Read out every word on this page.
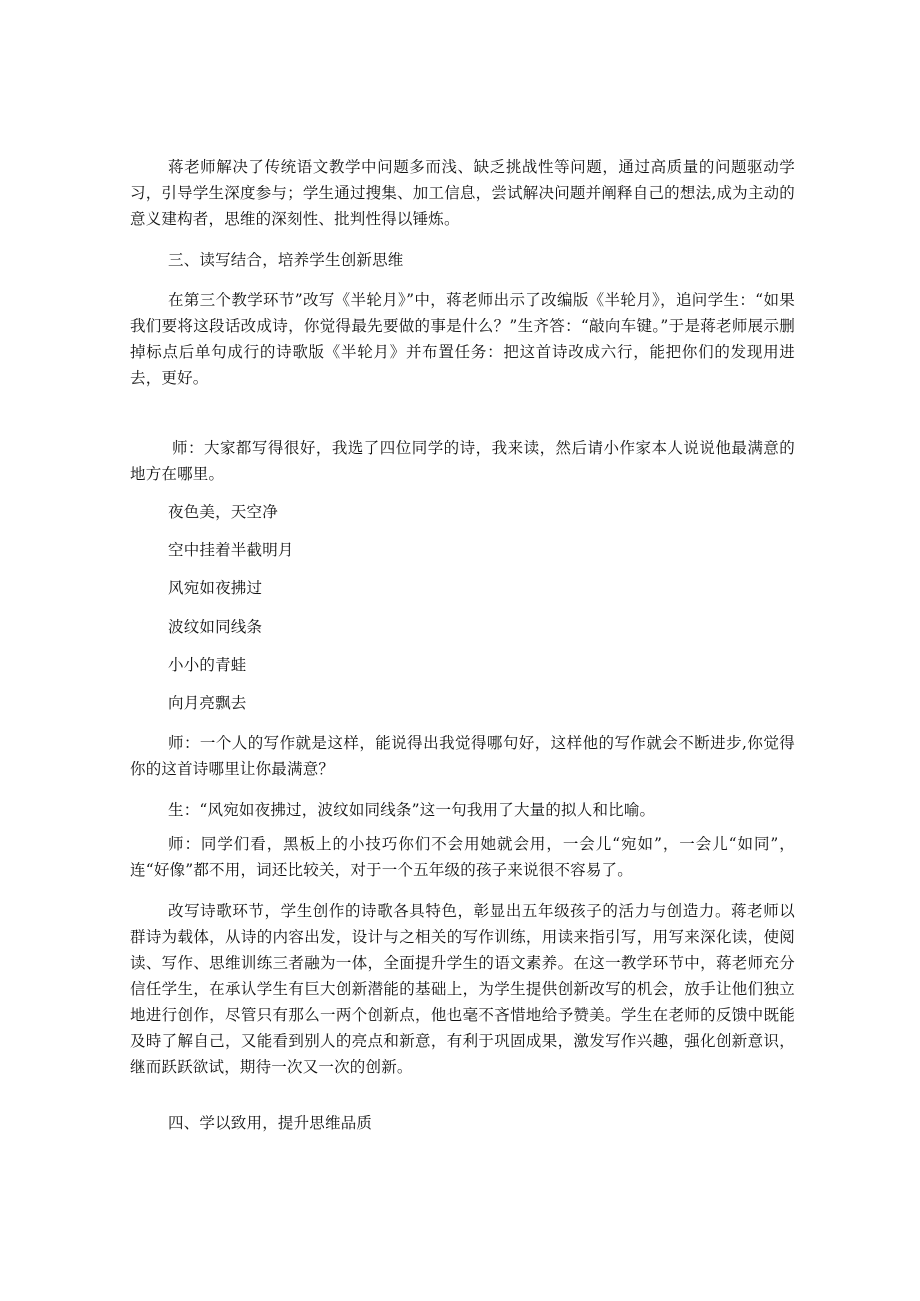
蒋老师解决了传统语文教学中问题多而浅、缺乏挑战性等问题，通过高质量的问题驱动学习，引导学生深度参与；学生通过搜集、加工信息，尝试解决问题并阐释自己的想法,成为主动的意义建构者，思维的深刻性、批判性得以锤炼。

三、读写结合，培养学生创新思维

在第三个教学环节”改写《半轮月》”中，蒋老师出示了改编版《半轮月》，追问学生：“如果我们要将这段话改成诗，你觉得最先要做的事是什么？”生齐答：“敲向车键。”于是蒋老师展示删掉标点后单句成行的诗歌版《半轮月》并布置任务：把这首诗改成六行，能把你们的发现用进去，更好。

师：大家都写得很好，我选了四位同学的诗，我来读，然后请小作家本人说说他最满意的地方在哪里。

夜色美，天空净

空中挂着半截明月

风宛如夜拂过

波纹如同线条

小小的青蛙

向月亮飘去

师：一个人的写作就是这样，能说得出我觉得哪句好，这样他的写作就会不断进步,你觉得你的这首诗哪里让你最满意？

生：“风宛如夜拂过，波纹如同线条”这一句我用了大量的拟人和比喻。

师：同学们看，黑板上的小技巧你们不会用她就会用，一会儿“宛如”，一会儿“如同”，连“好像”都不用，词还比较关，对于一个五年级的孩子来说很不容易了。

改写诗歌环节，学生创作的诗歌各具特色，彰显出五年级孩子的活力与创造力。蒋老师以群诗为载体，从诗的内容出发，设计与之相关的写作训练，用读来指引写，用写来深化读，使阅读、写作、思维训练三者融为一体，全面提升学生的语文素养。在这一教学环节中，蒋老师充分信任学生，在承认学生有巨大创新潜能的基础上，为学生提供创新改写的机会，放手让他们独立地进行创作，尽管只有那么一两个创新点，他也毫不吝惜地给予赞美。学生在老师的反馈中既能及時了解自己，又能看到别人的亮点和新意，有利于巩固成果，激发写作兴趣，强化创新意识，继而跃跃欲试，期待一次又一次的创新。

四、学以致用，提升思维品质
